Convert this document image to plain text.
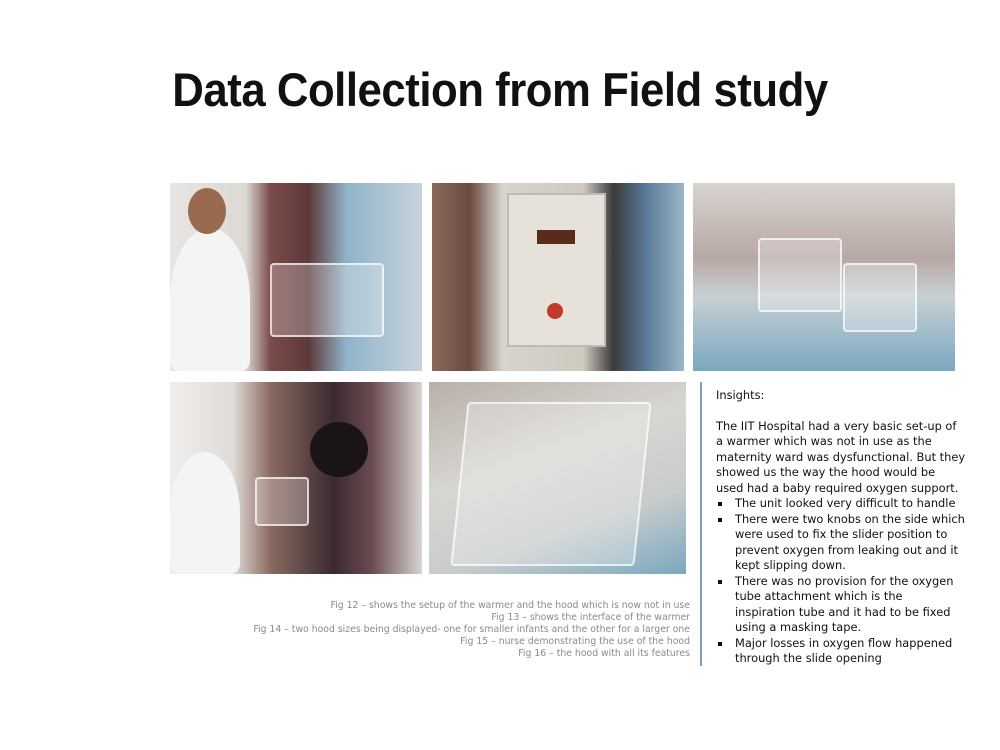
Data Collection from Field study
Fig 12 – shows the setup of the warmer and the hood which is now not in use
Fig 13 – shows the interface of the warmer
Fig 14 – two hood sizes being displayed- one for smaller infants and the other for a larger one
Fig 15 – nurse demonstrating the use of the hood
Fig 16 – the hood with all its features

Insights:

The IIT Hospital had a very basic set-up of a warmer which was not in use as the maternity ward was dysfunctional. But they showed us the way the hood would be used had a baby required oxygen support.

The unit looked very difficult to handle
There were two knobs on the side which were used to fix the slider position to prevent oxygen from leaking out and it kept slipping down.
There was no provision for the oxygen tube attachment which is the inspiration tube and it had to be fixed using a masking tape.
Major losses in oxygen flow happened through the slide opening
